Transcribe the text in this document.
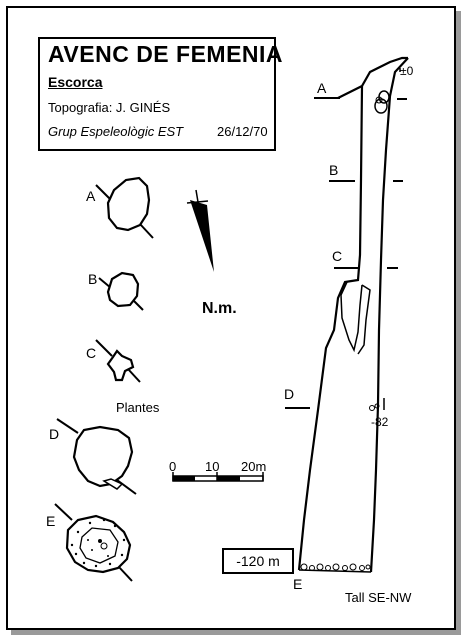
AVENC DE FEMENIA
Escorca
Topografia: J. GINÉS
Grup Espeleològic EST	26/12/70
A
B
C
D
E
A
B
C
D
E
N.m.
Plantes
0 10 20m
±0
-82
-120 m
Tall SE-NW
